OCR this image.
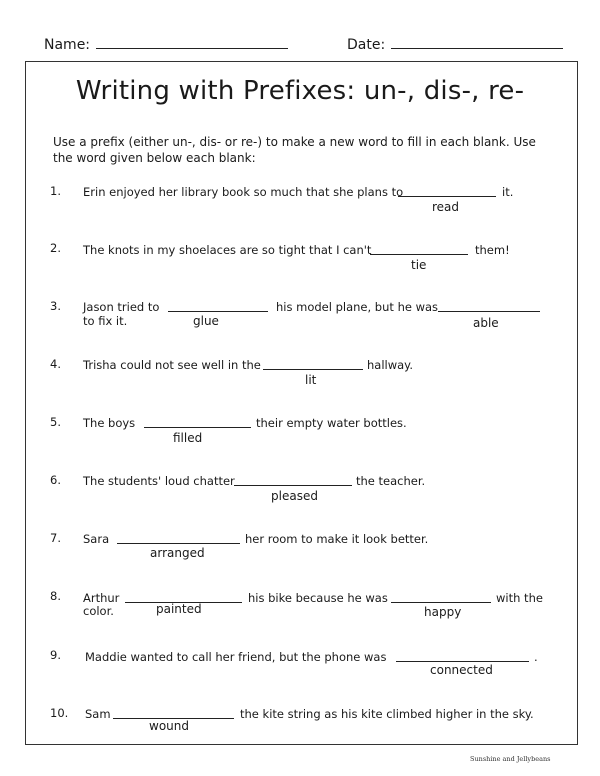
Name:	Date:
Writing with Prefixes: un-, dis-, re-
Use a prefix (either un-, dis- or re-) to make a new word to fill in each blank. Use the word given below each blank:
1. Erin enjoyed her library book so much that she plans to	it.
read
2. The knots in my shoelaces are so tight that I can't	them!
tie
3. Jason tried to	his model plane, but he was
to fix it.	glue	able
4. Trisha could not see well in the	hallway.
lit
5. The boys	their empty water bottles.
filled
6. The students' loud chatter	the teacher.
pleased
7. Sara	her room to make it look better.
arranged
8. Arthur	his bike because he was	with the
color.	painted	happy
9. Maddie wanted to call her friend, but the phone was	.
connected
10. Sam	the kite string as his kite climbed higher in the sky.
wound
Sunshine and Jellybeans
